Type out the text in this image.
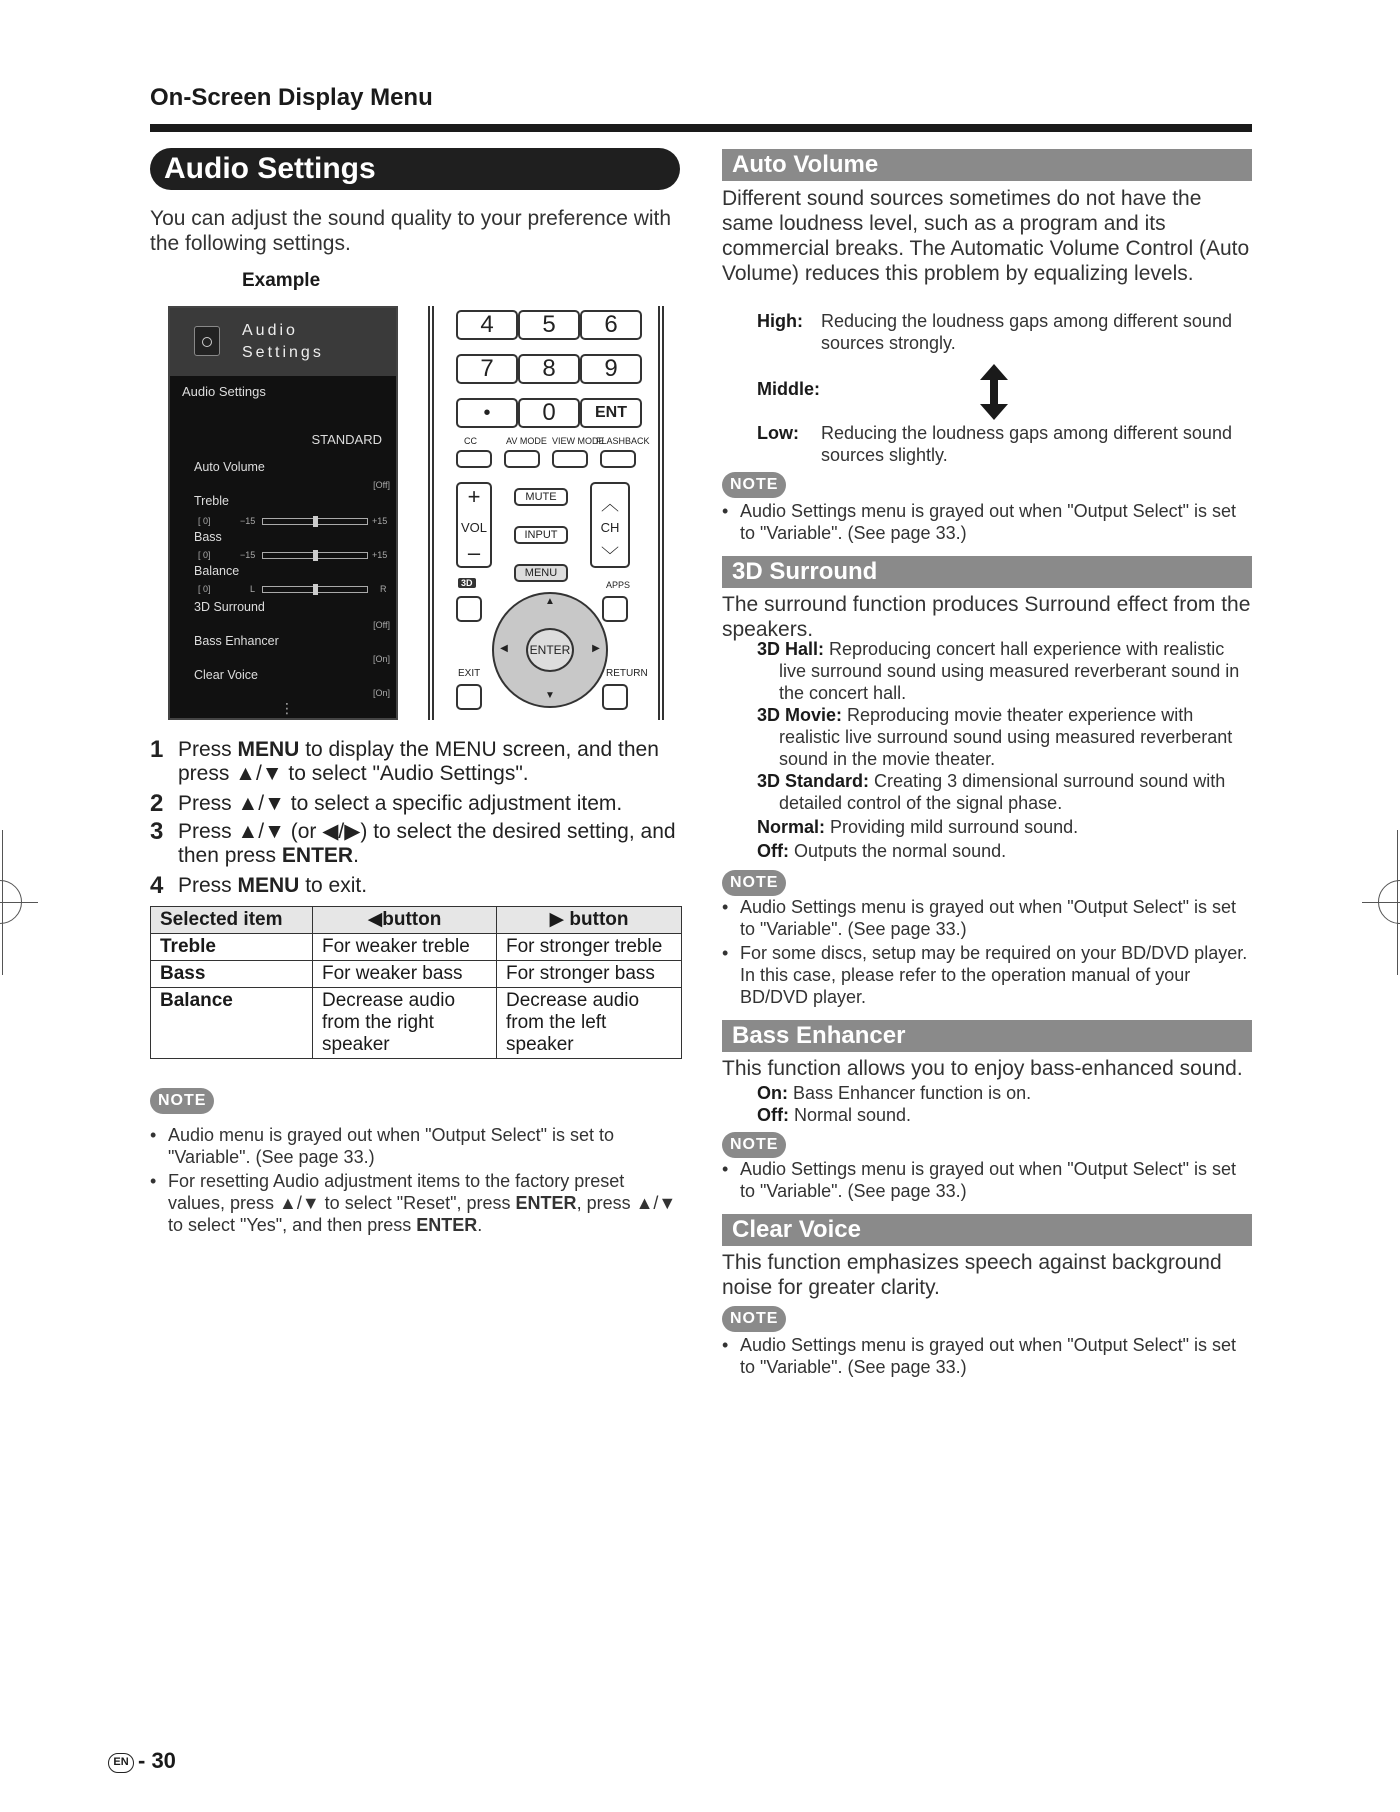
On-Screen Display Menu
Audio Settings
You can adjust the sound quality to your preference with the following settings.
Example
Audio
Settings
Audio Settings
STANDARD
Auto Volume
[Off]
Treble
[ 0]	−15	+15
Bass
[ 0]	−15	+15
Balance
[ 0]	L	R
3D Surround
[Off]
Bass Enhancer
[On]
Clear Voice
[On]
⋮
4	5	6
7	8	9
•	0	ENT
CC	AV MODE VIEW MODE
FLASHBACK
+
VOL
–
MUTE
INPUT
MENU
︿
CH
﹀
3D	APPS
▲
▼
◀	▶
ENTER
EXIT	RETURN
1 Press MENU to display the MENU screen, and then press ▲/▼ to select "Audio Settings".
2 Press ▲/▼ to select a specific adjustment item.
3 Press ▲/▼ (or ◀/▶) to select the desired setting, and then press ENTER.
4 Press MENU to exit.
Selected item	◀button	▶ button
Treble	For weaker treble	For stronger treble
Bass	For weaker bass	For stronger bass
Balance	Decrease audio from the right speaker	Decrease audio from the left speaker
NOTE
• Audio menu is grayed out when "Output Select" is set to "Variable". (See page 33.)
• For resetting Audio adjustment items to the factory preset values, press ▲/▼ to select "Reset", press ENTER, press ▲/▼ to select "Yes", and then press ENTER.
Auto Volume
Different sound sources sometimes do not have the same loudness level, such as a program and its commercial breaks. The Automatic Volume Control (Auto Volume) reduces this problem by equalizing levels.
High: Reducing the loudness gaps among different sound sources strongly.
Middle:
Low: Reducing the loudness gaps among different sound sources slightly.
NOTE
• Audio Settings menu is grayed out when "Output Select" is set to "Variable". (See page 33.)
3D Surround
The surround function produces Surround effect from the speakers.
3D Hall: Reproducing concert hall experience with realistic live surround sound using measured reverberant sound in the concert hall.
3D Movie: Reproducing movie theater experience with realistic live surround sound using measured reverberant sound in the movie theater.
3D Standard: Creating 3 dimensional surround sound with detailed control of the signal phase.
Normal: Providing mild surround sound.
Off: Outputs the normal sound.
NOTE
• Audio Settings menu is grayed out when "Output Select" is set to "Variable". (See page 33.)
• For some discs, setup may be required on your BD/DVD player. In this case, please refer to the operation manual of your BD/DVD player.
Bass Enhancer
This function allows you to enjoy bass-enhanced sound.
On: Bass Enhancer function is on.
Off: Normal sound.
NOTE
• Audio Settings menu is grayed out when "Output Select" is set to "Variable". (See page 33.)
Clear Voice
This function emphasizes speech against background noise for greater clarity.
NOTE
• Audio Settings menu is grayed out when "Output Select" is set to "Variable". (See page 33.)
EN - 30
